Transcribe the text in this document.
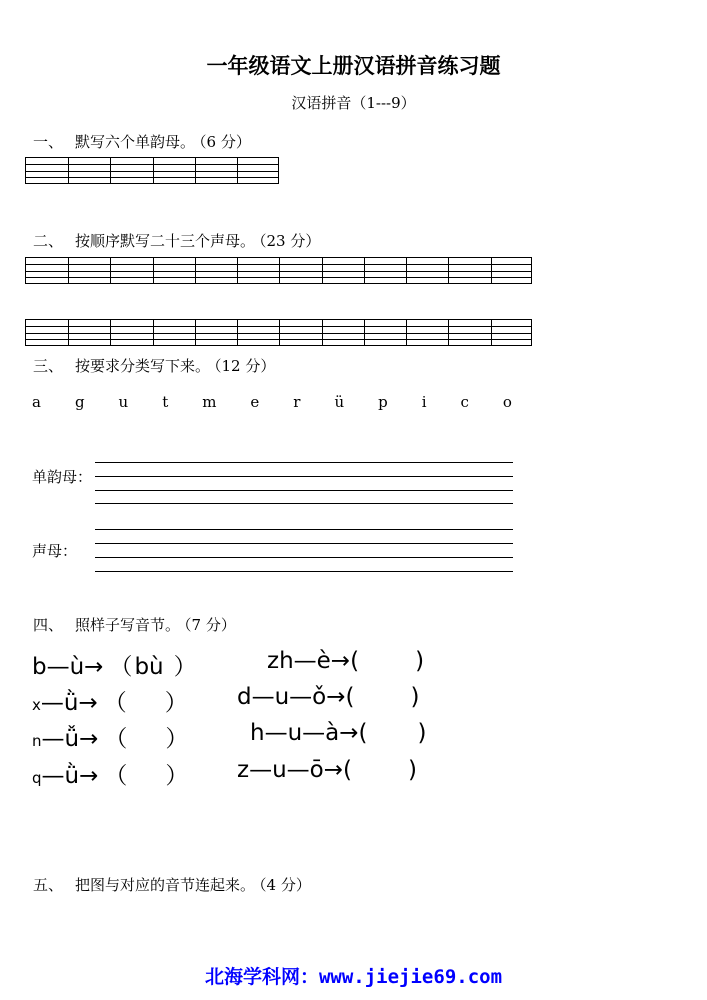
一年级语文上册汉语拼音练习题
汉语拼音（1---9）
一、 默写六个单韵母。 （6 分）
二、 按顺序默写二十三个声母。 （23 分）
三、 按要求分类写下来。 （12 分）
a g u t m e r ü p i c o
单韵母：
声母：
四、 照样子写音节。 （7 分）
b—ù→ （bù ）	zh—è→( )
x—ǜ→ （ ） d—u—ǒ→( )
n—ǚ→ （ ）	h—u—à→( )
q—ǜ→ （ ） z—u—ō→( )
五、 把图与对应的音节连起来。 （4 分）
北海学科网：www.jiejie69.com
